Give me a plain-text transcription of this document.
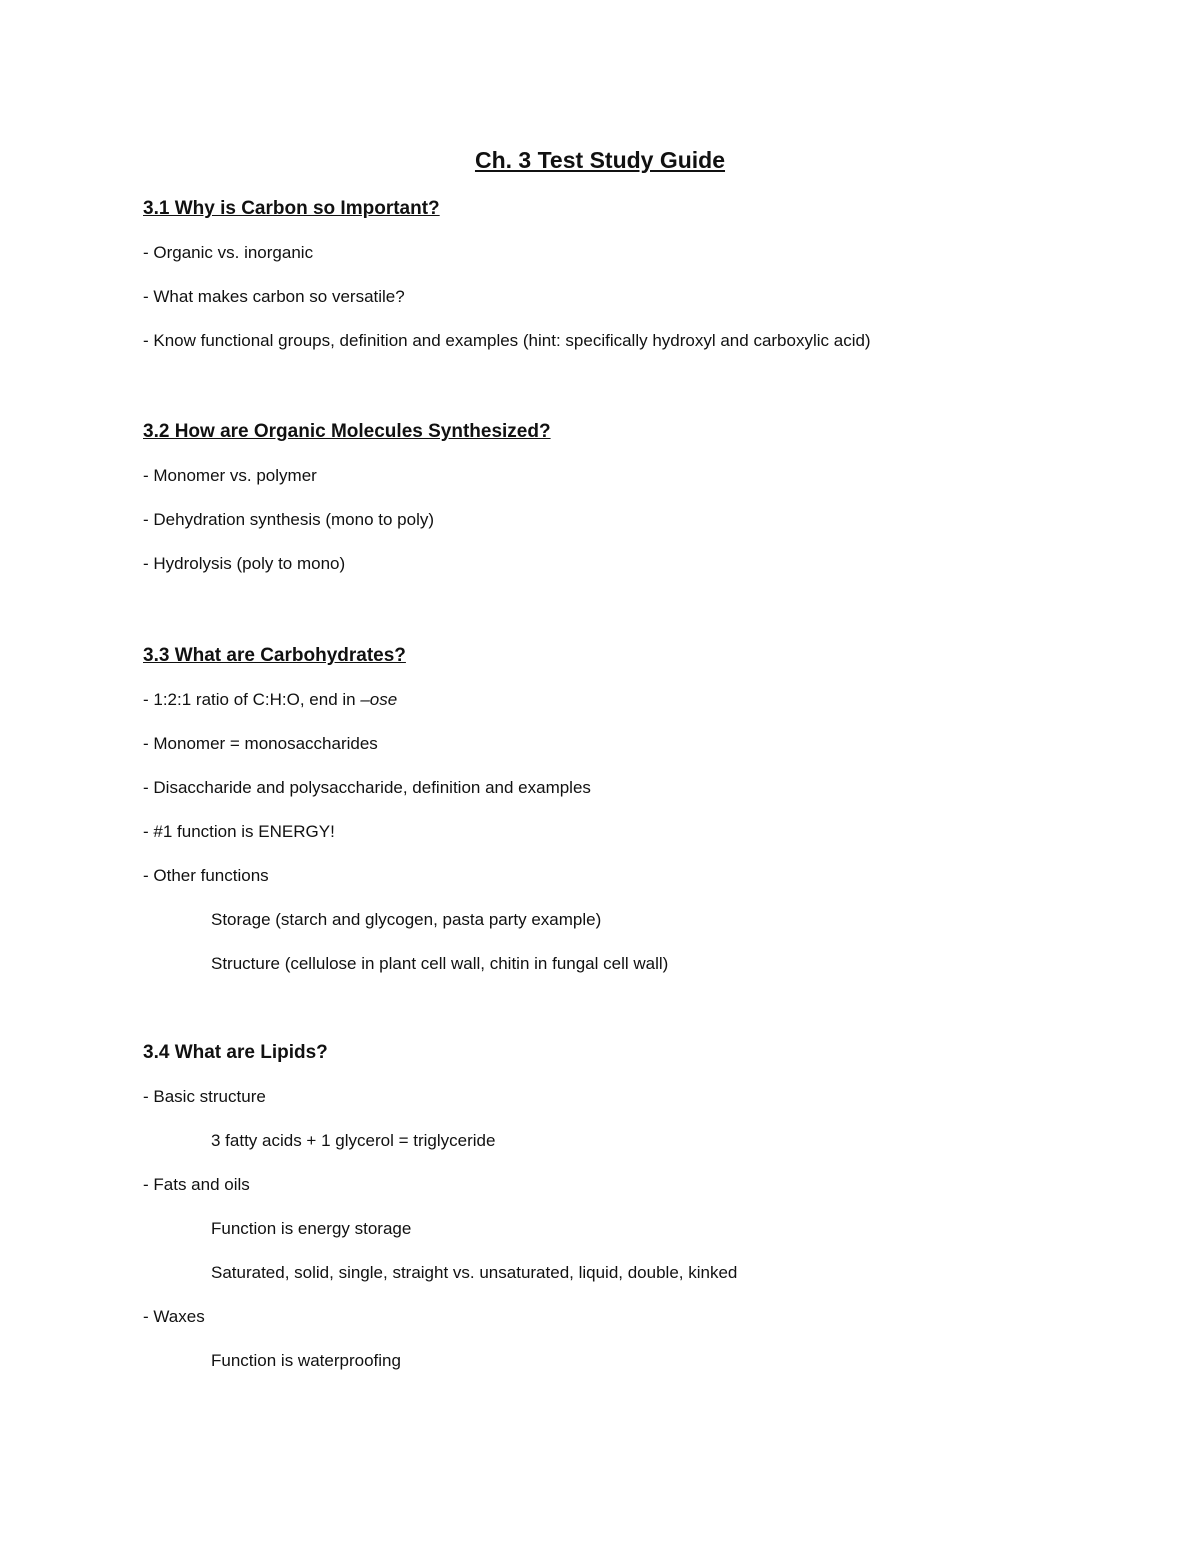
Ch. 3 Test Study Guide
3.1 Why is Carbon so Important?
- Organic vs. inorganic
- What makes carbon so versatile?
- Know functional groups, definition and examples (hint: specifically hydroxyl and carboxylic acid)
3.2 How are Organic Molecules Synthesized?
- Monomer vs. polymer
- Dehydration synthesis (mono to poly)
- Hydrolysis (poly to mono)
3.3 What are Carbohydrates?
- 1:2:1 ratio of C:H:O, end in –ose
- Monomer = monosaccharides
- Disaccharide and polysaccharide, definition and examples
- #1 function is ENERGY!
- Other functions
Storage (starch and glycogen, pasta party example)
Structure (cellulose in plant cell wall, chitin in fungal cell wall)
3.4 What are Lipids?
- Basic structure
3 fatty acids + 1 glycerol = triglyceride
- Fats and oils
Function is energy storage
Saturated, solid, single, straight vs. unsaturated, liquid, double, kinked
- Waxes
Function is waterproofing
